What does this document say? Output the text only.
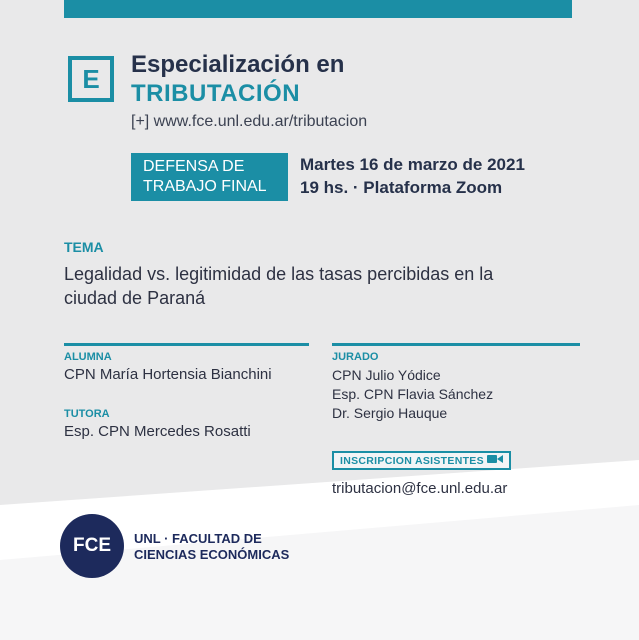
E Especialización en
TRIBUTACIÓN
[+] www.fce.unl.edu.ar/tributacion
DEFENSA DE
TRABAJO FINAL
Martes 16 de marzo de 2021
19 hs. · Plataforma Zoom
TEMA
Legalidad vs. legitimidad de las tasas percibidas en la ciudad de Paraná
ALUMNA
CPN María Hortensia Bianchini
TUTORA
Esp. CPN Mercedes Rosatti
JURADO
CPN Julio Yódice
Esp. CPN Flavia Sánchez
Dr. Sergio Hauque
INSCRIPCION ASISTENTES
tributacion@fce.unl.edu.ar
FCE UNL · FACULTAD DE
CIENCIAS ECONÓMICAS
